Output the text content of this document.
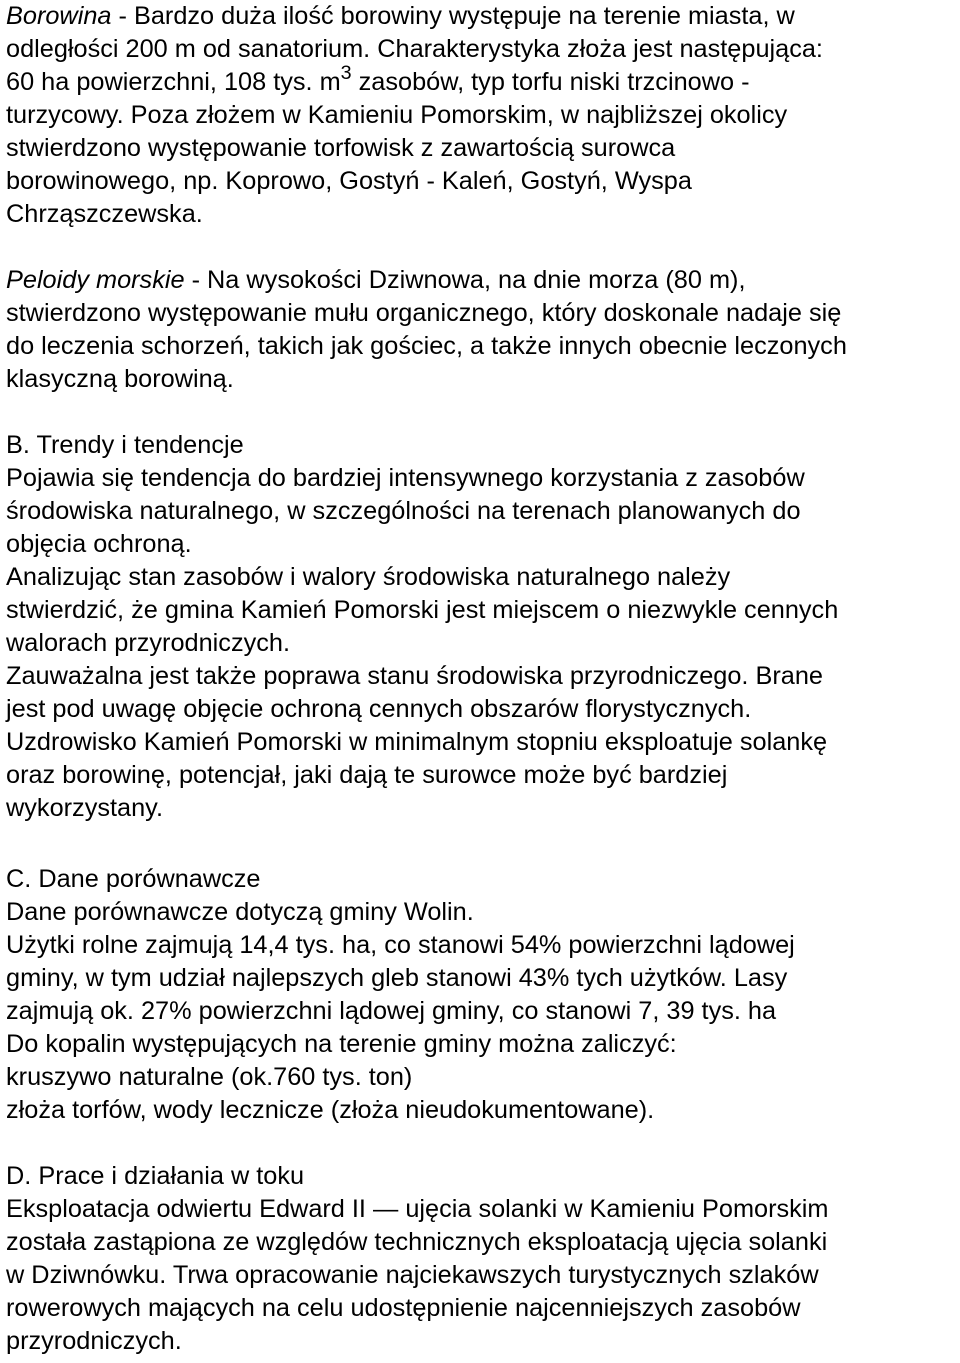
Borowina - Bardzo duża ilość borowiny występuje na terenie miasta, w
odległości 200 m od sanatorium. Charakterystyka złoża jest następująca:
60 ha powierzchni, 108 tys. $m^3$ zasobów, typ torfu niski trzcinowo -
turzycowy. Poza złożem w Kamieniu Pomorskim, w najbliższej okolicy
stwierdzono występowanie torfowisk z zawartością surowca
borowinowego, np. Koprowo, Gostyń - Kaleń, Gostyń, Wyspa
Chrząszczewska.
Peloidy morskie - Na wysokości Dziwnowa, na dnie morza (80 m),
stwierdzono występowanie mułu organicznego, który doskonale nadaje się
do leczenia schorzeń, takich jak gościec, a także innych obecnie leczonych
klasyczną borowiną.
B. Trendy i tendencje
Pojawia się tendencja do bardziej intensywnego korzystania z zasobów
środowiska naturalnego, w szczególności na terenach planowanych do
objęcia ochroną.
Analizując stan zasobów i walory środowiska naturalnego należy
stwierdzić, że gmina Kamień Pomorski jest miejscem o niezwykle cennych
walorach przyrodniczych.
Zauważalna jest także poprawa stanu środowiska przyrodniczego. Brane
jest pod uwagę objęcie ochroną cennych obszarów florystycznych.
Uzdrowisko Kamień Pomorski w minimalnym stopniu eksploatuje solankę
oraz borowinę, potencjał, jaki dają te surowce może być bardziej
wykorzystany.
C. Dane porównawcze
Dane porównawcze dotyczą gminy Wolin.
Użytki rolne zajmują 14,4 tys. ha, co stanowi 54% powierzchni lądowej
gminy, w tym udział najlepszych gleb stanowi 43% tych użytków. Lasy
zajmują ok. 27% powierzchni lądowej gminy, co stanowi 7, 39 tys. ha
Do kopalin występujących na terenie gminy można zaliczyć:
kruszywo naturalne (ok.760 tys. ton)
złoża torfów, wody lecznicze (złoża nieudokumentowane).
D. Prace i działania w toku
Eksploatacja odwiertu Edward II — ujęcia solanki w Kamieniu Pomorskim
została zastąpiona ze względów technicznych eksploatacją ujęcia solanki
w Dziwnówku. Trwa opracowanie najciekawszych turystycznych szlaków
rowerowych mających na celu udostępnienie najcenniejszych zasobów
przyrodniczych.
